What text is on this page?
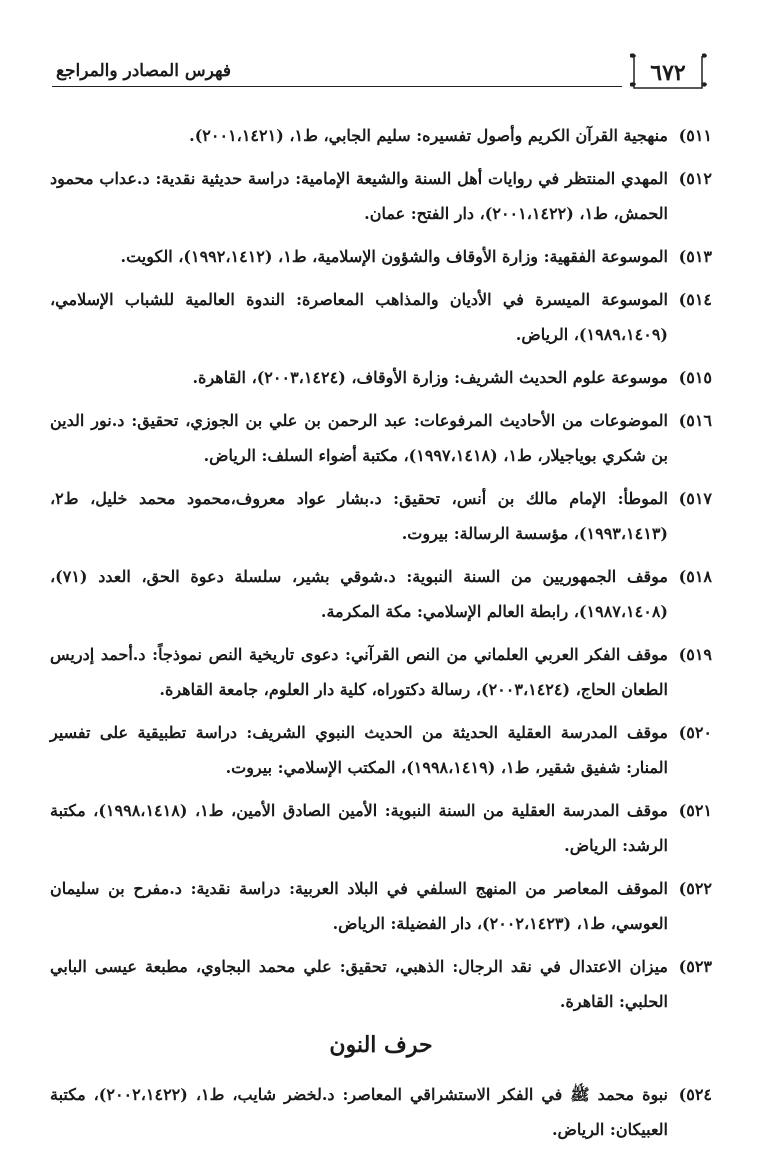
فهرس المصادر والمراجع	٦٧٢
٥١١)
منهجية القرآن الكريم وأصول تفسيره: سليم الجابي، ط١، (٢٠٠١،١٤٢١).
٥١٢)
المهدي المنتظر في روايات أهل السنة والشيعة الإمامية: دراسة حديثية نقدية: د.عداب محمود الحمش، ط١، (٢٠٠١،١٤٢٢)، دار الفتح: عمان.
٥١٣)
الموسوعة الفقهية: وزارة الأوقاف والشؤون الإسلامية، ط١، (١٩٩٢،١٤١٢)، الكويت.
٥١٤)
الموسوعة الميسرة في الأديان والمذاهب المعاصرة: الندوة العالمية للشباب الإسلامي، (١٩٨٩،١٤٠٩)، الرياض.
٥١٥)
موسوعة علوم الحديث الشريف: وزارة الأوقاف، (٢٠٠٣،١٤٢٤)، القاهرة.
٥١٦)
الموضوعات من الأحاديث المرفوعات: عبد الرحمن بن علي بن الجوزي، تحقيق: د.نور الدين بن شكري بوياجيلار، ط١، (١٩٩٧،١٤١٨)، مكتبة أضواء السلف: الرياض.
٥١٧)
الموطأ: الإمام مالك بن أنس، تحقيق: د.بشار عواد معروف،محمود محمد خليل، ط٢، (١٩٩٣،١٤١٣)، مؤسسة الرسالة: بيروت.
٥١٨)
موقف الجمهوريين من السنة النبوية: د.شوقي بشير، سلسلة دعوة الحق، العدد (٧١)، (١٩٨٧،١٤٠٨)، رابطة العالم الإسلامي: مكة المكرمة.
٥١٩)
موقف الفكر العربي العلماني من النص القرآني: دعوى تاريخية النص نموذجاً: د.أحمد إدريس الطعان الحاج، (٢٠٠٣،١٤٢٤)، رسالة دكتوراه، كلية دار العلوم، جامعة القاهرة.
٥٢٠)
موقف المدرسة العقلية الحديثة من الحديث النبوي الشريف: دراسة تطبيقية على تفسير المنار: شفيق شقير، ط١، (١٩٩٨،١٤١٩)، المكتب الإسلامي: بيروت.
٥٢١)
موقف المدرسة العقلية من السنة النبوية: الأمين الصادق الأمين، ط١، (١٩٩٨،١٤١٨)، مكتبة الرشد: الرياض.
٥٢٢)
الموقف المعاصر من المنهج السلفي في البلاد العربية: دراسة نقدية: د.مفرح بن سليمان العوسي، ط١، (٢٠٠٢،١٤٢٣)، دار الفضيلة: الرياض.
٥٢٣)
ميزان الاعتدال في نقد الرجال: الذهبي، تحقيق: علي محمد البجاوي، مطبعة عيسى البابي الحلبي: القاهرة.
حرف النون
٥٢٤)
نبوة محمد ﷺ في الفكر الاستشراقي المعاصر: د.لخضر شايب، ط١، (٢٠٠٢،١٤٢٢)، مكتبة العبيكان: الرياض.
